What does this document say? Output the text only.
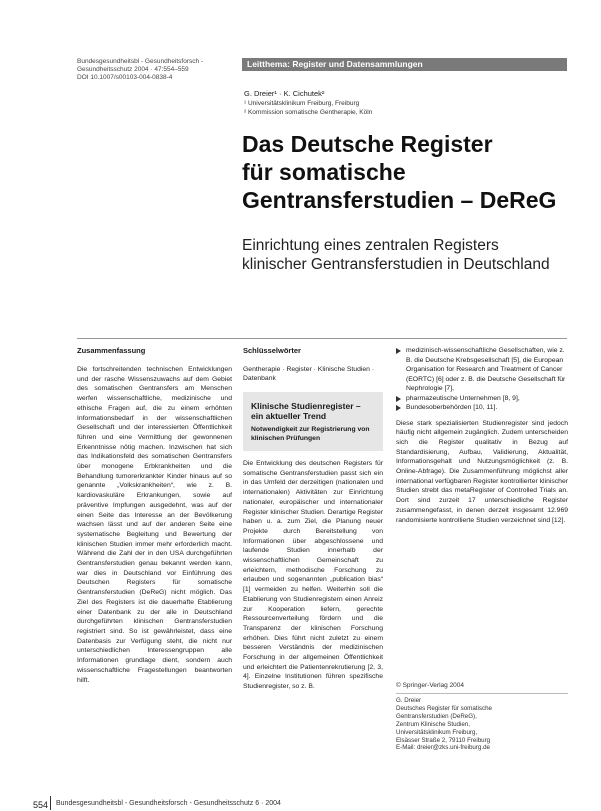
Bundesgesundheitsbl - Gesundheitsforsch -
Gesundheitsschutz 2004 · 47:554–559
DOI 10.1007/s00103-004-0838-4
Leitthema: Register und Datensammlungen
G. Dreier¹ · K. Cichutek²
¹ Universitätsklinikum Freiburg, Freiburg
² Kommission somatische Gentherapie, Köln
Das Deutsche Register
für somatische
Gentransferstudien – DeReG
Einrichtung eines zentralen Registers
klinischer Gentransferstudien in Deutschland
Zusammenfassung
Die fortschreitenden technischen Entwicklungen und der rasche Wissenszuwachs auf dem Gebiet des somatischen Gentransfers am Menschen werfen wissenschaftliche, medizinische und ethische Fragen auf, die zu einem erhöhten Informationsbedarf in der wissenschaftlichen Gesellschaft und der interessierten Öffentlichkeit führen und eine Vermittlung der gewonnenen Erkenntnisse nötig machen. Inzwischen hat sich das Indikationsfeld des somatischen Gentransfers über monogene Erbkrankheiten und die Behandlung tumorerkrankter Kinder hinaus auf so genannte „Volkskrankheiten“, wie z. B. kardiovaskuläre Erkrankungen, sowie auf präventive Impfungen ausgedehnt, was auf der einen Seite das Interesse an der Bevölkerung wachsen lässt und auf der anderen Seite eine systematische Begleitung und Bewertung der klinischen Studien immer mehr erforderlich macht. Während die Zahl der in den USA durchgeführten Gentransferstudien genau bekannt werden kann, war dies in Deutschland vor Einführung des Deutschen Registers für somatische Gentransferstudien (DeReG) nicht möglich. Das Ziel des Registers ist die dauerhafte Etablierung einer Datenbank zu der alle in Deutschland durchgeführten klinischen Gentransferstudien registriert sind. So ist gewährleistet, dass eine Datenbasis zur Verfügung steht, die nicht nur unterschiedlichen Interessengruppen alle Informationen grundlage dient, sondern auch wissenschaftliche Fragestellungen beantworten hilft.
Schlüsselwörter
Gentherapie · Register · Klinische Studien · Datenbank
Klinische Studienregister – ein aktueller Trend
Notwendigkeit zur Registrierung von klinischen Prüfungen
Die Entwicklung des deutschen Registers für somatische Gentransferstudien passt sich ein in das Umfeld der derzeitigen (nationalen und internationalen) Aktivitäten zur Einrichtung nationaler, europäischer und internationaler Register klinischer Studien. Derartige Register haben u. a. zum Ziel, die Planung neuer Projekte durch Bereitstellung von Informationen über abgeschlossene und laufende Studien innerhalb der wissenschaftlichen Gemeinschaft zu erleichtern, methodische Forschung zu erlauben und sogenannten „publication bias“ [1] vermeiden zu helfen. Weiterhin soll die Etablierung von Studienregistern einen Anreiz zur Kooperation liefern, gerechte Ressourcenverteilung fördern und die Transparenz der klinischen Forschung erhöhen. Dies führt nicht zuletzt zu einem besseren Verständnis der medizinischen Forschung in der allgemeinen Öffentlichkeit und erleichtert die Patientenrekrutierung [2, 3, 4]. Einzelne Institutionen führen spezifische Studienregister, so z. B.
medizinisch-wissenschaftliche Gesellschaften, wie z. B. die Deutsche Krebsgesellschaft [5], die European Organisation for Research and Treatment of Cancer (EORTC) [6] oder z. B. die Deutsche Gesellschaft für Nephrologie [7],
pharmazeutische Unternehmen [8, 9],
Bundesoberbehörden [10, 11].
Diese stark spezialisierten Studienregister sind jedoch häufig nicht allgemein zugänglich. Zudem unterscheiden sich die Register qualitativ in Bezug auf Standardisierung, Aufbau, Validierung, Aktualität, Informationsgehalt und Nutzungsmöglichkeit (z. B. Online-Abfrage). Die Zusammenführung möglichst aller international verfügbaren Register kontrollierter klinischer Studien strebt das metaRegister of Controlled Trials an. Dort sind zurzeit 17 unterschiedliche Register zusammengefasst, in denen derzeit insgesamt 12.969 randomisierte kontrollierte Studien verzeichnet sind [12].
© Springer-Verlag 2004
G. Dreier
Deutsches Register für somatische
Gentransferstudien (DeReG),
Zentrum Klinische Studien,
Universitätsklinikum Freiburg,
Elsässer Straße 2, 79110 Freiburg
E-Mail: dreier@zks.uni-freiburg.de
554 Bundesgesundheitsbl - Gesundheitsforsch - Gesundheitsschutz 6 · 2004
